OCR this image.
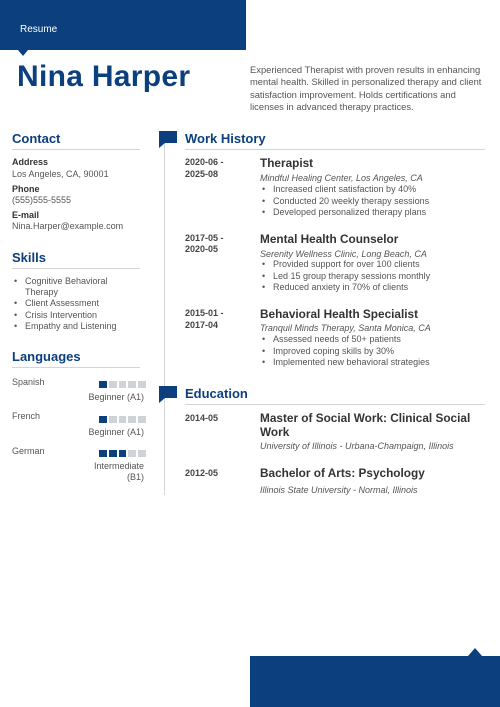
Resume
Nina Harper	Experienced Therapist with proven results in enhancing mental health. Skilled in personalized therapy and client satisfaction improvement. Holds certifications and licenses in advanced therapy practices.
Contact
Address
Los Angeles, CA, 90001
Phone
(555)555-5555
E-mail
Nina.Harper@example.com
Skills
• Cognitive Behavioral
Therapy
• Client Assessment
• Crisis Intervention
• Empathy and Listening
Languages
Spanish
Beginner (A1)
French
Beginner (A1)
German
Intermediate
(B1)
Work History
2020-06 -
2025-08
Therapist
Mindful Healing Center, Los Angeles, CA
• Increased client satisfaction by 40%
• Conducted 20 weekly therapy sessions
• Developed personalized therapy plans
2017-05 -
2020-05
Mental Health Counselor
Serenity Wellness Clinic, Long Beach, CA
• Provided support for over 100 clients
• Led 15 group therapy sessions monthly
• Reduced anxiety in 70% of clients
2015-01 -
2017-04
Behavioral Health Specialist
Tranquil Minds Therapy, Santa Monica, CA
• Assessed needs of 50+ patients
• Improved coping skills by 30%
• Implemented new behavioral strategies
Education
2014-05	Master of Social Work: Clinical Social Work
University of Illinois - Urbana-Champaign, Illinois
2012-05	Bachelor of Arts: Psychology
Illinois State University - Normal, Illinois
